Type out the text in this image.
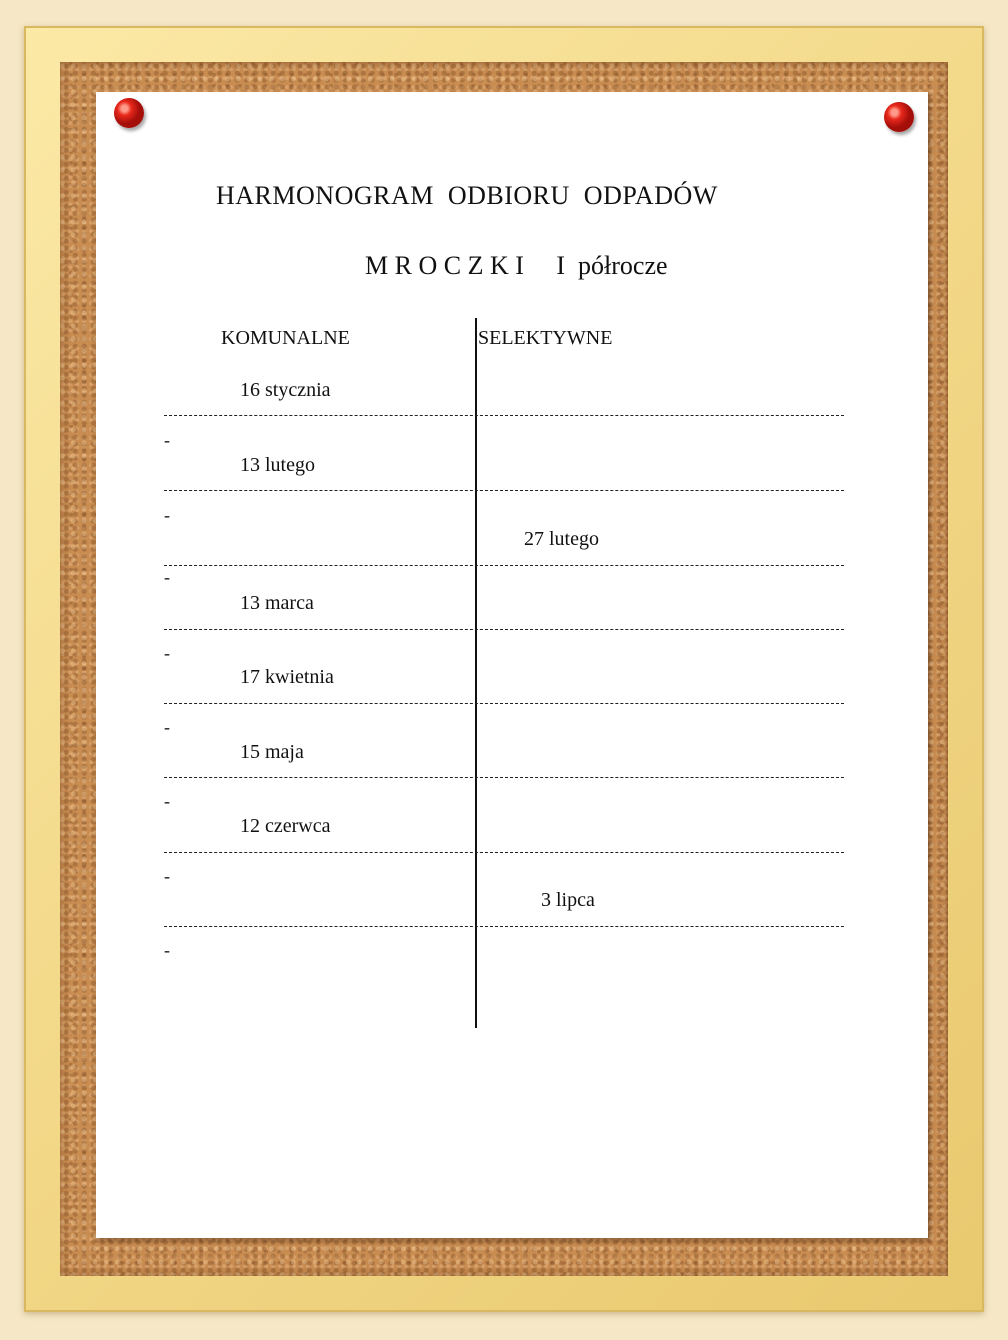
HARMONOGRAM  ODBIORU  ODPADÓW
M R O C Z K I     I  półrocze
KOMUNALNE	SELEKTYWNE
16 stycznia
-
13 lutego
-
27 lutego
-
13 marca
-
17 kwietnia
-
15 maja
-
12 czerwca
-
3 lipca
-
